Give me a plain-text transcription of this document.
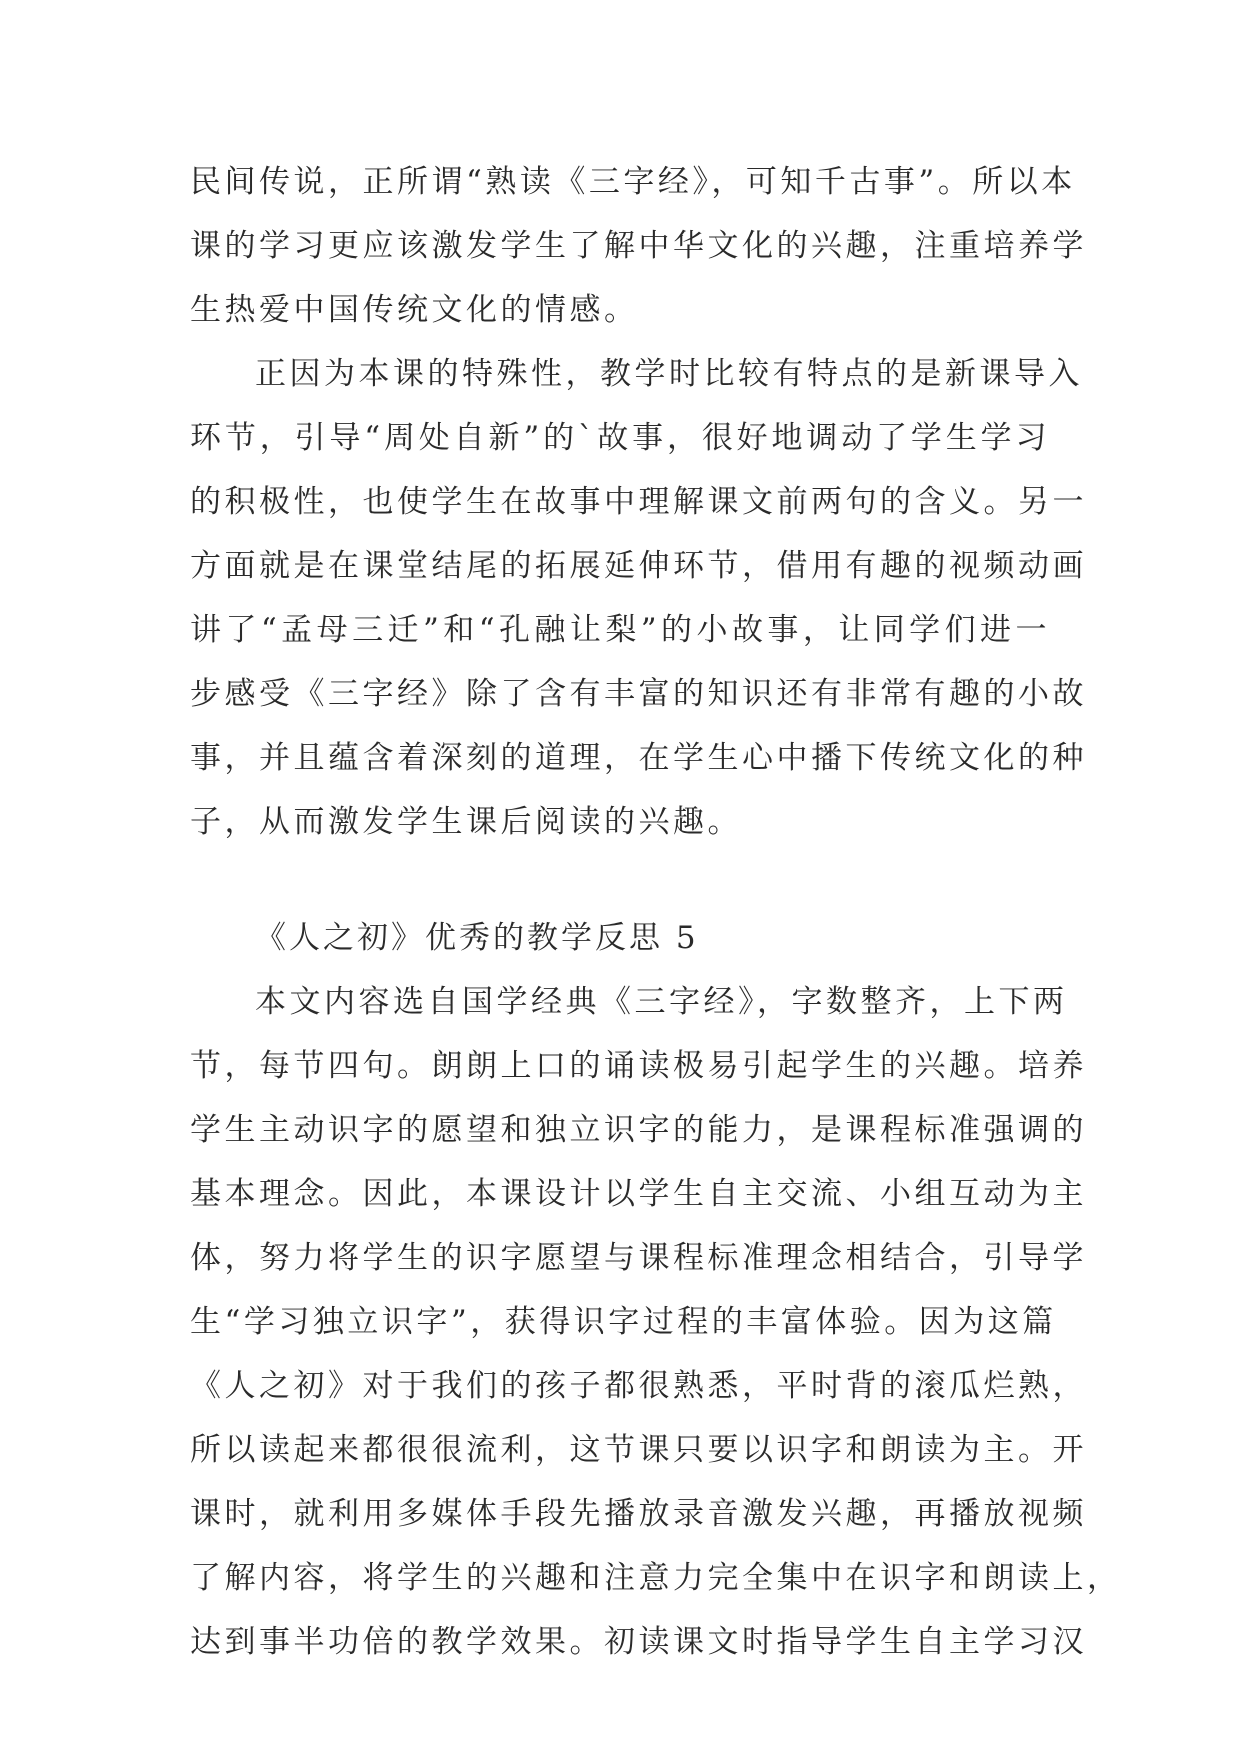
民间传说，正所谓“熟读《三字经》，可知千古事”。所以本
课的学习更应该激发学生了解中华文化的兴趣，注重培养学
生热爱中国传统文化的情感。
正因为本课的特殊性，教学时比较有特点的是新课导入
环节，引导“周处自新”的`故事，很好地调动了学生学习
的积极性，也使学生在故事中理解课文前两句的含义。另一
方面就是在课堂结尾的拓展延伸环节，借用有趣的视频动画
讲了“孟母三迁”和“孔融让梨”的小故事，让同学们进一
步感受《三字经》除了含有丰富的知识还有非常有趣的小故
事，并且蕴含着深刻的道理，在学生心中播下传统文化的种
子，从而激发学生课后阅读的兴趣。
《人之初》优秀的教学反思 5
本文内容选自国学经典《三字经》，字数整齐，上下两
节，每节四句。朗朗上口的诵读极易引起学生的兴趣。培养
学生主动识字的愿望和独立识字的能力，是课程标准强调的
基本理念。因此，本课设计以学生自主交流、小组互动为主
体，努力将学生的识字愿望与课程标准理念相结合，引导学
生“学习独立识字”，获得识字过程的丰富体验。因为这篇
《人之初》对于我们的孩子都很熟悉，平时背的滚瓜烂熟，
所以读起来都很很流利，这节课只要以识字和朗读为主。开
课时，就利用多媒体手段先播放录音激发兴趣，再播放视频
了解内容，将学生的兴趣和注意力完全集中在识字和朗读上，
达到事半功倍的教学效果。初读课文时指导学生自主学习汉
